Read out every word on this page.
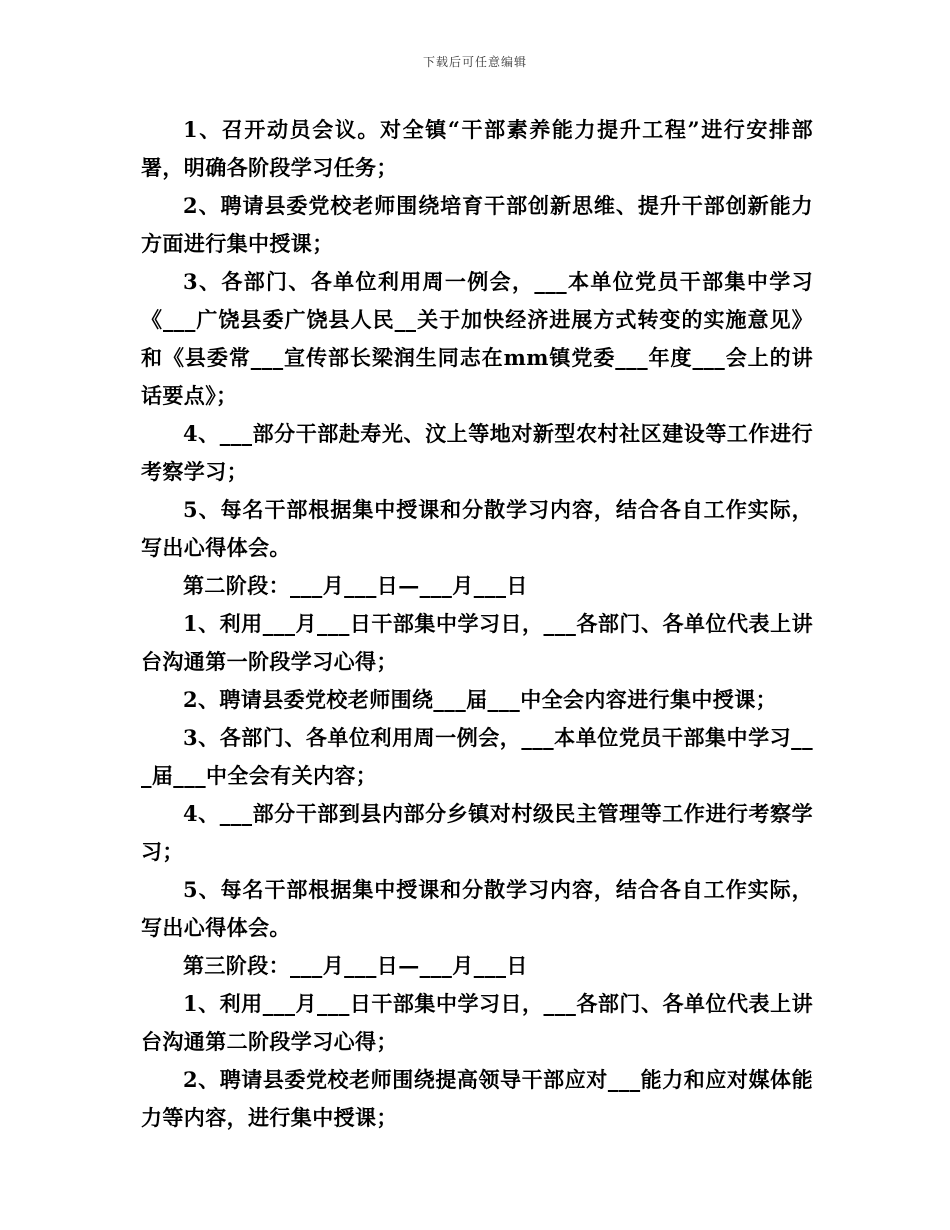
下载后可任意编辑

1、召开动员会议。对全镇“干部素养能力提升工程”进行安排部署，明确各阶段学习任务；

2、聘请县委党校老师围绕培育干部创新思维、提升干部创新能力方面进行集中授课；

3、各部门、各单位利用周一例会，___本单位党员干部集中学习《___广饶县委广饶县人民__关于加快经济进展方式转变的实施意见》和《县委常___宣传部长梁润生同志在mm镇党委___年度___会上的讲话要点》；

4、___部分干部赴寿光、汶上等地对新型农村社区建设等工作进行考察学习；

5、每名干部根据集中授课和分散学习内容，结合各自工作实际，写出心得体会。

第二阶段：___月___日—___月___日

1、利用___月___日干部集中学习日，___各部门、各单位代表上讲台沟通第一阶段学习心得；

2、聘请县委党校老师围绕___届___中全会内容进行集中授课；

3、各部门、各单位利用周一例会，___本单位党员干部集中学习___届___中全会有关内容；

4、___部分干部到县内部分乡镇对村级民主管理等工作进行考察学习；

5、每名干部根据集中授课和分散学习内容，结合各自工作实际，写出心得体会。

第三阶段：___月___日—___月___日

1、利用___月___日干部集中学习日，___各部门、各单位代表上讲台沟通第二阶段学习心得；

2、聘请县委党校老师围绕提高领导干部应对___能力和应对媒体能力等内容，进行集中授课；
